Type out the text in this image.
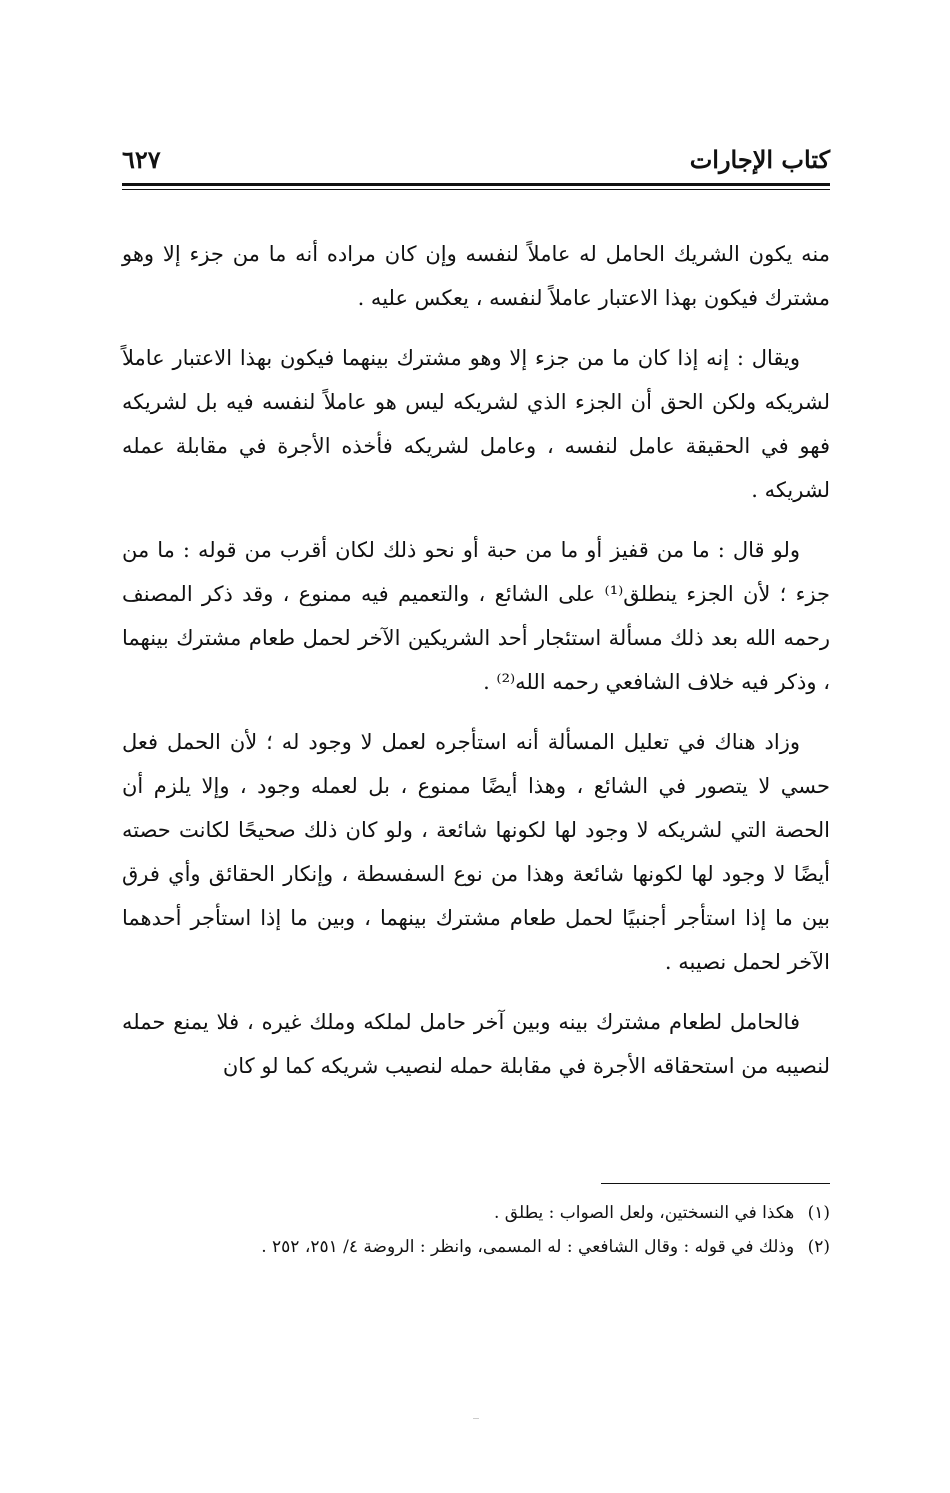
كتاب الإجارات
٦٢٧

منه يكون الشريك الحامل له عاملاً لنفسه وإن كان مراده أنه ما من جزء إلا وهو مشترك فيكون بهذا الاعتبار عاملاً لنفسه ، يعكس عليه .

ويقال : إنه إذا كان ما من جزء إلا وهو مشترك بينهما فيكون بهذا الاعتبار عاملاً لشريكه ولكن الحق أن الجزء الذي لشريكه ليس هو عاملاً لنفسه فيه بل لشريكه فهو في الحقيقة عامل لنفسه ، وعامل لشريكه فأخذه الأجرة في مقابلة عمله لشريكه .

ولو قال : ما من قفيز أو ما من حبة أو نحو ذلك لكان أقرب من قوله : ما من جزء ؛ لأن الجزء ينطلق⁽¹⁾ على الشائع ، والتعميم فيه ممنوع ، وقد ذكر المصنف رحمه الله بعد ذلك مسألة استئجار أحد الشريكين الآخر لحمل طعام مشترك بينهما ، وذكر فيه خلاف الشافعي رحمه الله⁽²⁾ .

وزاد هناك في تعليل المسألة أنه استأجره لعمل لا وجود له ؛ لأن الحمل فعل حسي لا يتصور في الشائع ، وهذا أيضًا ممنوع ، بل لعمله وجود ، وإلا يلزم أن الحصة التي لشريكه لا وجود لها لكونها شائعة ، ولو كان ذلك صحيحًا لكانت حصته أيضًا لا وجود لها لكونها شائعة وهذا من نوع السفسطة ، وإنكار الحقائق وأي فرق بين ما إذا استأجر أجنبيًا لحمل طعام مشترك بينهما ، وبين ما إذا استأجر أحدهما الآخر لحمل نصيبه .

فالحامل لطعام مشترك بينه وبين آخر حامل لملكه وملك غيره ، فلا يمنع حمله لنصيبه من استحقاقه الأجرة في مقابلة حمله لنصيب شريكه كما لو كان

(١) هكذا في النسختين، ولعل الصواب : يطلق .

(٢) وذلك في قوله : وقال الشافعي : له المسمى، وانظر : الروضة ٤/ ٢٥١، ٢٥٢ .
